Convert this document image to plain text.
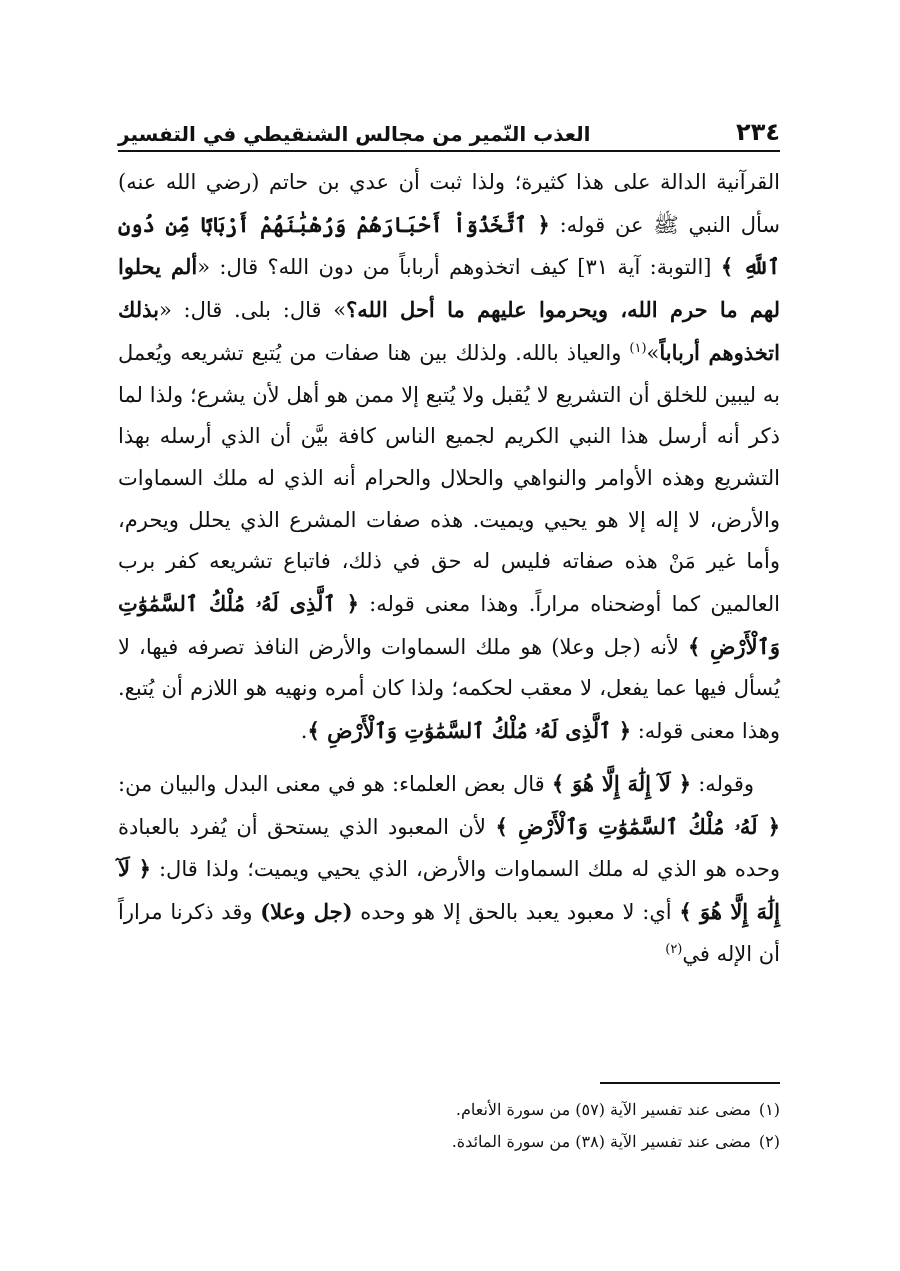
٢٣٤
العذب النّمير من مجالس الشنقيطي في التفسير

القرآنية الدالة على هذا كثيرة؛ ولذا ثبت أن عدي بن حاتم (رضي الله عنه) سأل النبي ﷺ عن قوله: ﴿ ٱتَّخَذُوٓاْ أَحْبَارَهُمْ وَرُهْبَٰنَهُمْ أَرْبَابًا مِّن دُونِ ٱللَّهِ ﴾ [التوبة: آية ٣١] كيف اتخذوهم أرباباً من دون الله؟ قال: «ألم يحلوا لهم ما حرم الله، ويحرموا عليهم ما أحل الله؟» قال: بلى. قال: «بذلك اتخذوهم أرباباً»$^{(١)}$ والعياذ بالله. ولذلك بين هنا صفات من يُتبع تشريعه ويُعمل به ليبين للخلق أن التشريع لا يُقبل ولا يُتبع إلا ممن هو أهل لأن يشرع؛ ولذا لما ذكر أنه أرسل هذا النبي الكريم لجميع الناس كافة بيَّن أن الذي أرسله بهذا التشريع وهذه الأوامر والنواهي والحلال والحرام أنه الذي له ملك السماوات والأرض، لا إله إلا هو يحيي ويميت. هذه صفات المشرع الذي يحلل ويحرم، وأما غير مَنْ هذه صفاته فليس له حق في ذلك، فاتباع تشريعه كفر برب العالمين كما أوضحناه مراراً. وهذا معنى قوله: ﴿ ٱلَّذِى لَهُۥ مُلْكُ ٱلسَّمَٰوَٰتِ وَٱلْأَرْضِ ﴾ لأنه (جل وعلا) هو ملك السماوات والأرض النافذ تصرفه فيها، لا يُسأل فيها عما يفعل، لا معقب لحكمه؛ ولذا كان أمره ونهيه هو اللازم أن يُتبع. وهذا معنى قوله: ﴿ ٱلَّذِى لَهُۥ مُلْكُ ٱلسَّمَٰوَٰتِ وَٱلْأَرْضِ ﴾.

وقوله: ﴿ لَآ إِلَٰهَ إِلَّا هُوَ ﴾ قال بعض العلماء: هو في معنى البدل والبيان من: ﴿ لَهُۥ مُلْكُ ٱلسَّمَٰوَٰتِ وَٱلْأَرْضِ ﴾ لأن المعبود الذي يستحق أن يُفرد بالعبادة وحده هو الذي له ملك السماوات والأرض، الذي يحيي ويميت؛ ولذا قال: ﴿ لَآ إِلَٰهَ إِلَّا هُوَ ﴾ أي: لا معبود يعبد بالحق إلا هو وحده (جل وعلا) وقد ذكرنا مراراً أن الإله في$^{(٢)}$

(١)مضى عند تفسير الآية (٥٧) من سورة الأنعام.
(٢)مضى عند تفسير الآية (٣٨) من سورة المائدة.
